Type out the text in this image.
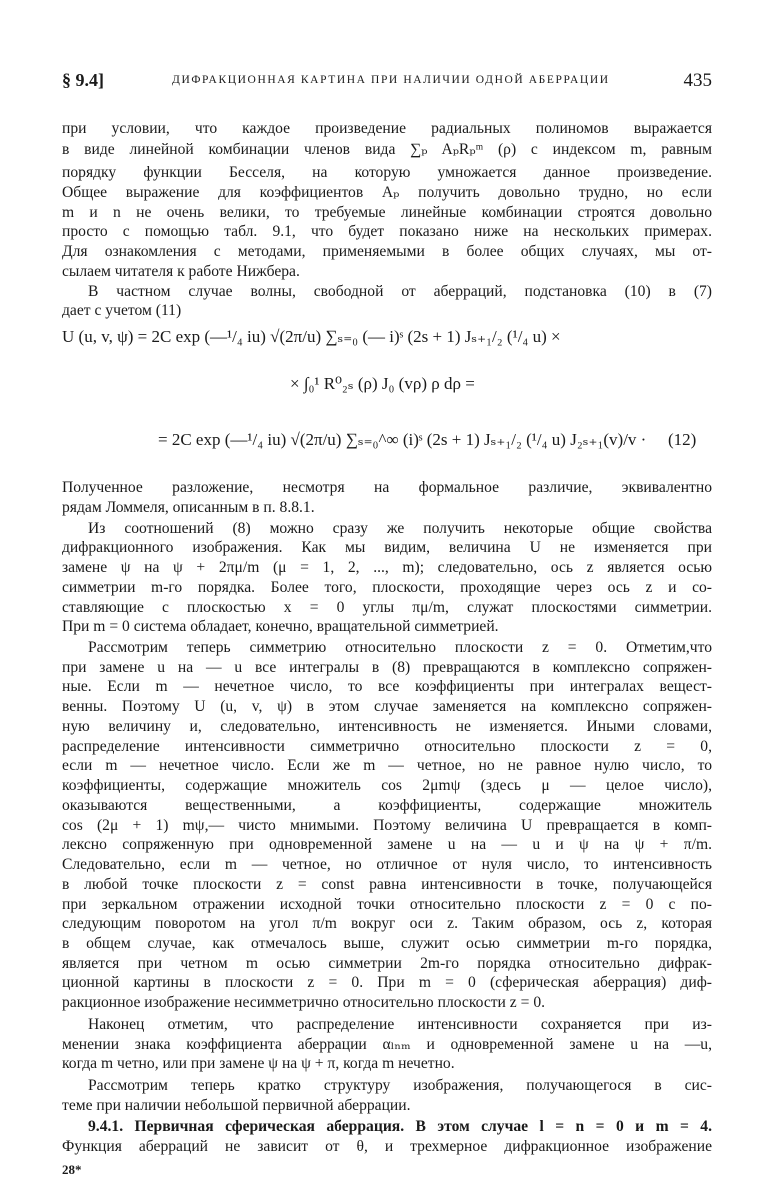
§ 9.4]	ДИФРАКЦИОННАЯ КАРТИНА ПРИ НАЛИЧИИ ОДНОЙ АБЕРРАЦИИ	435
при условии, что каждое произведение радиальных полиномов выражается
в виде линейной комбинации членов вида ∑ₚ AₚRₚᵐ (ρ) с индексом m, равным
порядку функции Бесселя, на которую умножается данное произведение.
Общее выражение для коэффициентов Aₚ получить довольно трудно, но если
m и n не очень велики, то требуемые линейные комбинации строятся довольно
просто с помощью табл. 9.1, что будет показано ниже на нескольких примерах.
Для ознакомления с методами, применяемыми в более общих случаях, мы от-
сылаем читателя к работе Нижбера.
В частном случае волны, свободной от аберраций, подстановка (10) в (7)
дает с учетом (11)
U (u, v, ψ) = 2C exp (—¹/₄ iu) √(2π/u) ∑ₛ₌₀ (— i)ˢ (2s + 1) Jₛ₊₁/₂ (¹/₄ u) ×
× ∫₀¹ R⁰₂ₛ (ρ) J₀ (vρ) ρ dρ =
= 2C exp (—¹/₄ iu) √(2π/u) ∑ₛ₌₀^∞ (i)ˢ (2s + 1) Jₛ₊₁/₂ (¹/₄ u) J₂ₛ₊₁(v)/v · (12)
Полученное разложение, несмотря на формальное различие, эквивалентно
рядам Ломмеля, описанным в п. 8.8.1.
Из соотношений (8) можно сразу же получить некоторые общие свойства
дифракционного изображения. Как мы видим, величина U не изменяется при
замене ψ на ψ + 2πμ/m (μ = 1, 2, ..., m); следовательно, ось z является осью
симметрии m-го порядка. Более того, плоскости, проходящие через ось z и со-
ставляющие с плоскостью x = 0 углы πμ/m, служат плоскостями симметрии.
При m = 0 система обладает, конечно, вращательной симметрией.
Рассмотрим теперь симметрию относительно плоскости z = 0. Отметим,что
при замене u на — u все интегралы в (8) превращаются в комплексно сопряжен-
ные. Если m — нечетное число, то все коэффициенты при интегралах вещест-
венны. Поэтому U (u, v, ψ) в этом случае заменяется на комплексно сопряжен-
ную величину и, следовательно, интенсивность не изменяется. Иными словами,
распределение интенсивности симметрично относительно плоскости z = 0,
если m — нечетное число. Если же m — четное, но не равное нулю число, то
коэффициенты, содержащие множитель cos 2μmψ (здесь μ — целое число),
оказываются вещественными, а коэффициенты, содержащие множитель
cos (2μ + 1) mψ,— чисто мнимыми. Поэтому величина U превращается в комп-
лексно сопряженную при одновременной замене u на — u и ψ на ψ + π/m.
Следовательно, если m — четное, но отличное от нуля число, то интенсивность
в любой точке плоскости z = const равна интенсивности в точке, получающейся
при зеркальном отражении исходной точки относительно плоскости z = 0 с по-
следующим поворотом на угол π/m вокруг оси z. Таким образом, ось z, которая
в общем случае, как отмечалось выше, служит осью симметрии m-го порядка,
является при четном m осью симметрии 2m-го порядка относительно дифрак-
ционной картины в плоскости z = 0. При m = 0 (сферическая аберрация) диф-
ракционное изображение несимметрично относительно плоскости z = 0.
Наконец отметим, что распределение интенсивности сохраняется при из-
менении знака коэффициента аберрации αₗₙₘ и одновременной замене u на —u,
когда m четно, или при замене ψ на ψ + π, когда m нечетно.
Рассмотрим теперь кратко структуру изображения, получающегося в сис-
теме при наличии небольшой первичной аберрации.
9.4.1. Первичная сферическая аберрация. В этом случае l = n = 0 и m = 4.
Функция аберраций не зависит от θ, и трехмерное дифракционное изображение
28*
